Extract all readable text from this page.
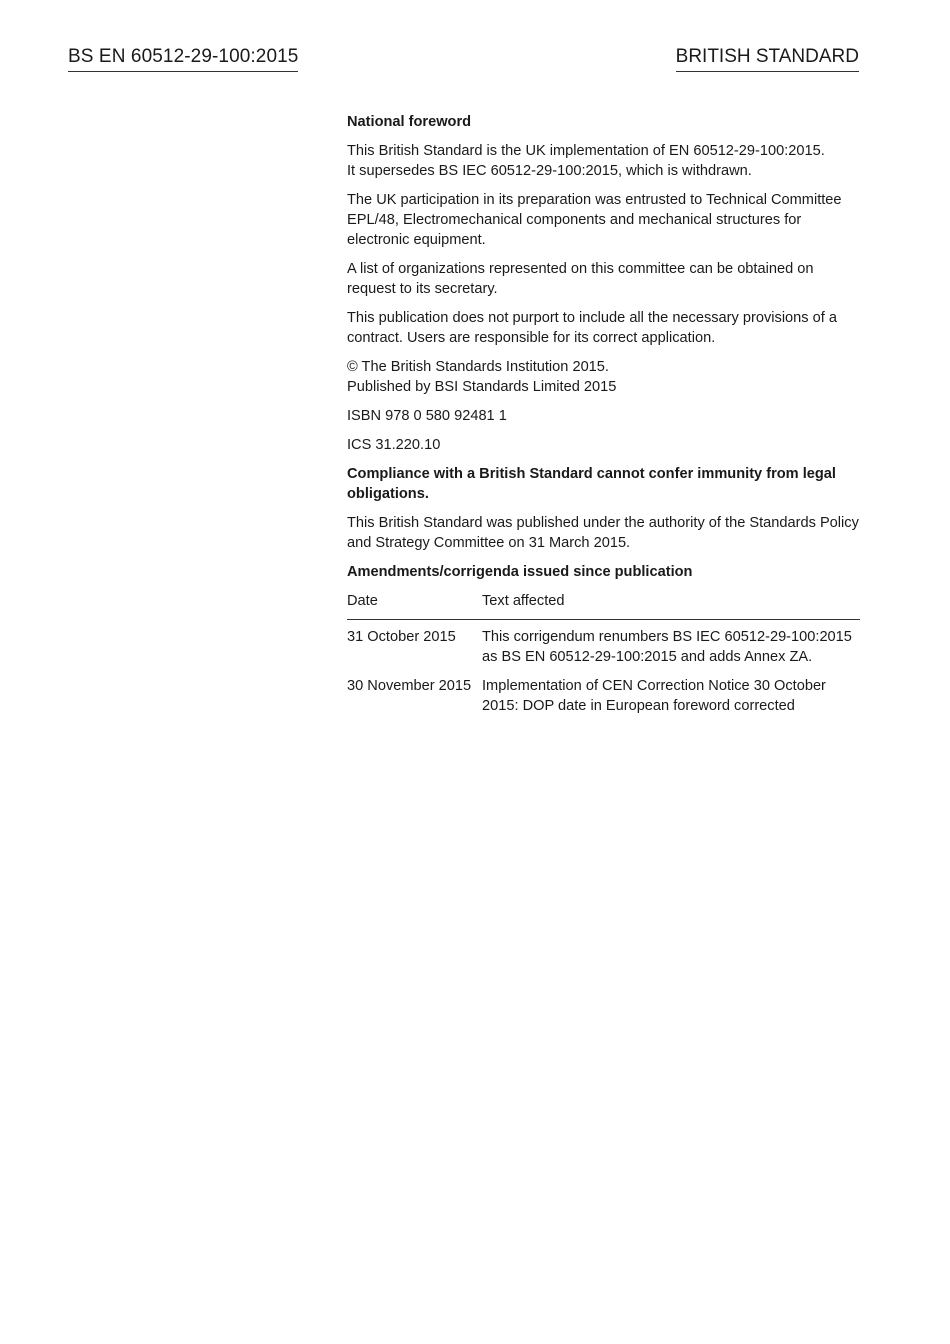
BS EN 60512-29-100:2015	BRITISH STANDARD

National foreword

This British Standard is the UK implementation of EN 60512-29-100:2015.
It supersedes BS IEC 60512-29-100:2015, which is withdrawn.

The UK participation in its preparation was entrusted to Technical Committee EPL/48, Electromechanical components and mechanical structures for electronic equipment.

A list of organizations represented on this committee can be obtained on request to its secretary.

This publication does not purport to include all the necessary provisions of a contract. Users are responsible for its correct application.

© The British Standards Institution 2015.
Published by BSI Standards Limited 2015

ISBN 978 0 580 92481 1

ICS 31.220.10

Compliance with a British Standard cannot confer immunity from legal obligations.

This British Standard was published under the authority of the Standards Policy and Strategy Committee on 31 March 2015.

Amendments/corrigenda issued since publication

Date	Text affected
31 October 2015	This corrigendum renumbers BS IEC 60512-29-100:2015 as BS EN 60512-29-100:2015 and adds Annex ZA.
30 November 2015	Implementation of CEN Correction Notice 30 October 2015: DOP date in European foreword corrected
